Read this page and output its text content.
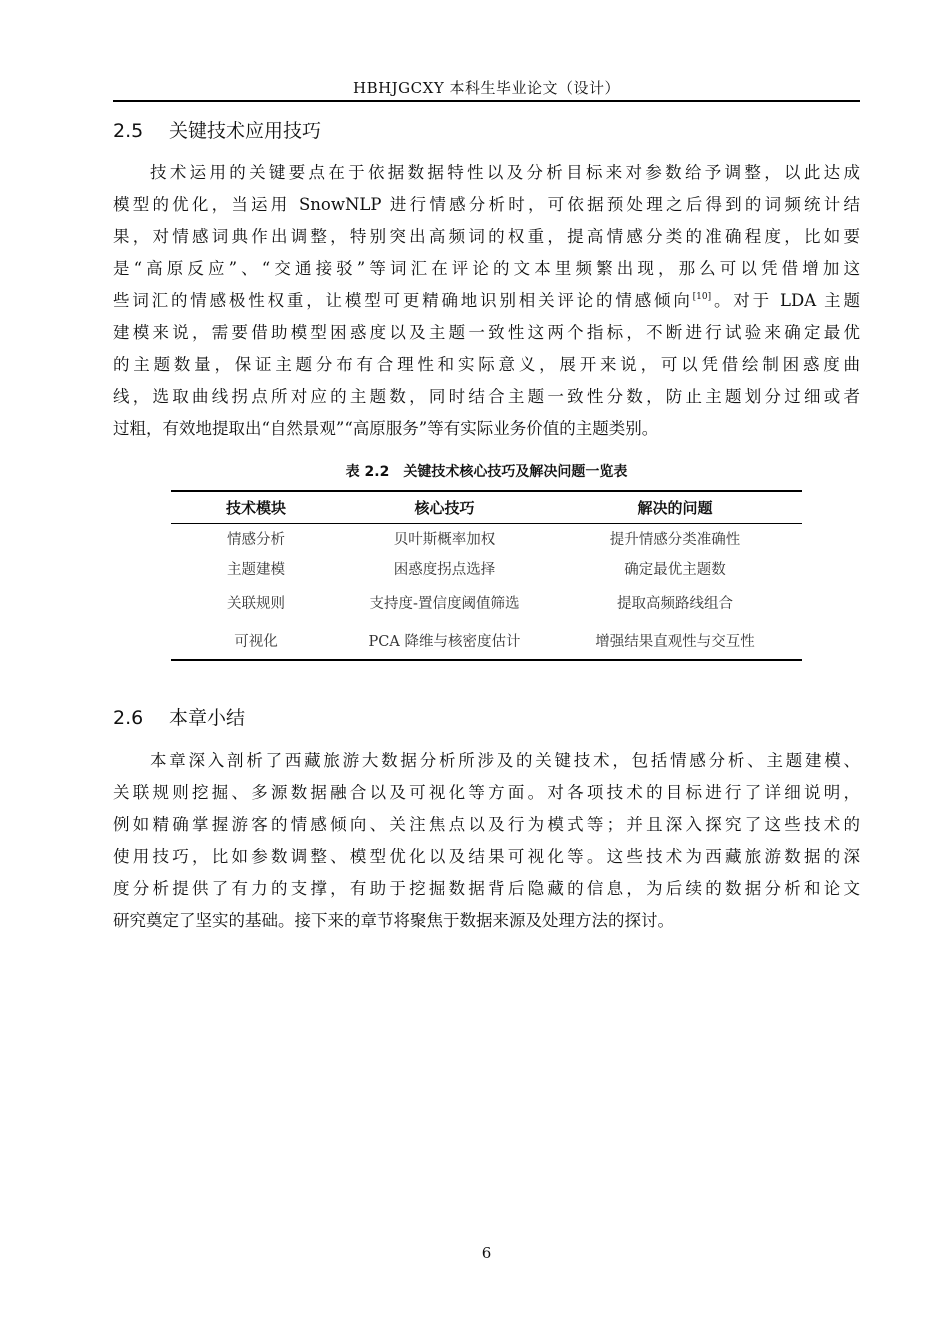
HBHJGCXY 本科生毕业论文（设计）
2.5 关键技术应用技巧
技术运用的关键要点在于依据数据特性以及分析目标来对参数给予调整，以此达成
模型的优化，当运用 SnowNLP 进行情感分析时，可依据预处理之后得到的词频统计结
果，对情感词典作出调整，特别突出高频词的权重，提高情感分类的准确程度，比如要
是“高原反应”、“交通接驳”等词汇在评论的文本里频繁出现，那么可以凭借增加这
些词汇的情感极性权重，让模型可更精确地识别相关评论的情感倾向[10]。对于 LDA 主题
建模来说，需要借助模型困惑度以及主题一致性这两个指标，不断进行试验来确定最优
的主题数量，保证主题分布有合理性和实际意义，展开来说，可以凭借绘制困惑度曲
线，选取曲线拐点所对应的主题数，同时结合主题一致性分数，防止主题划分过细或者
过粗，有效地提取出“自然景观”“高原服务”等有实际业务价值的主题类别。
表 2.2　关键技术核心技巧及解决问题一览表
技术模块	核心技巧	解决的问题
情感分析	贝叶斯概率加权	提升情感分类准确性
主题建模	困惑度拐点选择	确定最优主题数
关联规则	支持度-置信度阈值筛选	提取高频路线组合
可视化	PCA 降维与核密度估计	增强结果直观性与交互性
2.6 本章小结
本章深入剖析了西藏旅游大数据分析所涉及的关键技术，包括情感分析、主题建模、
关联规则挖掘、多源数据融合以及可视化等方面。对各项技术的目标进行了详细说明，
例如精确掌握游客的情感倾向、关注焦点以及行为模式等；并且深入探究了这些技术的
使用技巧，比如参数调整、模型优化以及结果可视化等。这些技术为西藏旅游数据的深
度分析提供了有力的支撑，有助于挖掘数据背后隐藏的信息，为后续的数据分析和论文
研究奠定了坚实的基础。接下来的章节将聚焦于数据来源及处理方法的探讨。
6
